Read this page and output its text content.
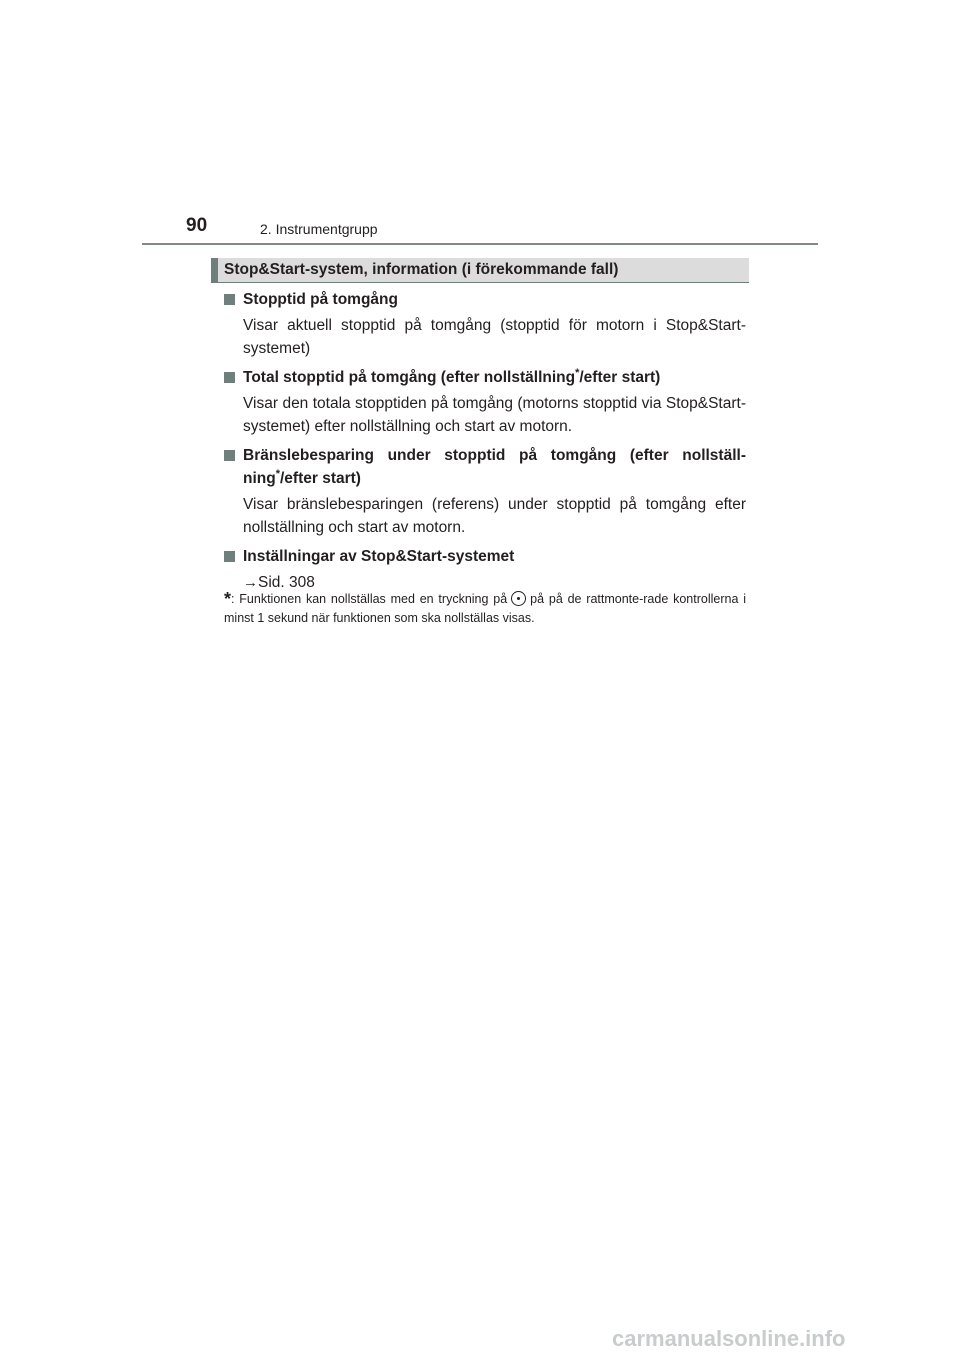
90	2. Instrumentgrupp
Stop&Start-system, information (i förekommande fall)
Stopptid på tomgång
Visar aktuell stopptid på tomgång (stopptid för motorn i Stop&Start-systemet)
Total stopptid på tomgång (efter nollställning*/efter start)
Visar den totala stopptiden på tomgång (motorns stopptid via Stop&Start-systemet) efter nollställning och start av motorn.
Bränslebesparing under stopptid på tomgång (efter nollställ-ning*/efter start)
Visar bränslebesparingen (referens) under stopptid på tomgång efter nollställning och start av motorn.
Inställningar av Stop&Start-systemet
→Sid. 308
*: Funktionen kan nollställas med en tryckning på på på de rattmonte-rade kontrollerna i minst 1 sekund när funktionen som ska nollställas visas.
carmanualsonline.info
